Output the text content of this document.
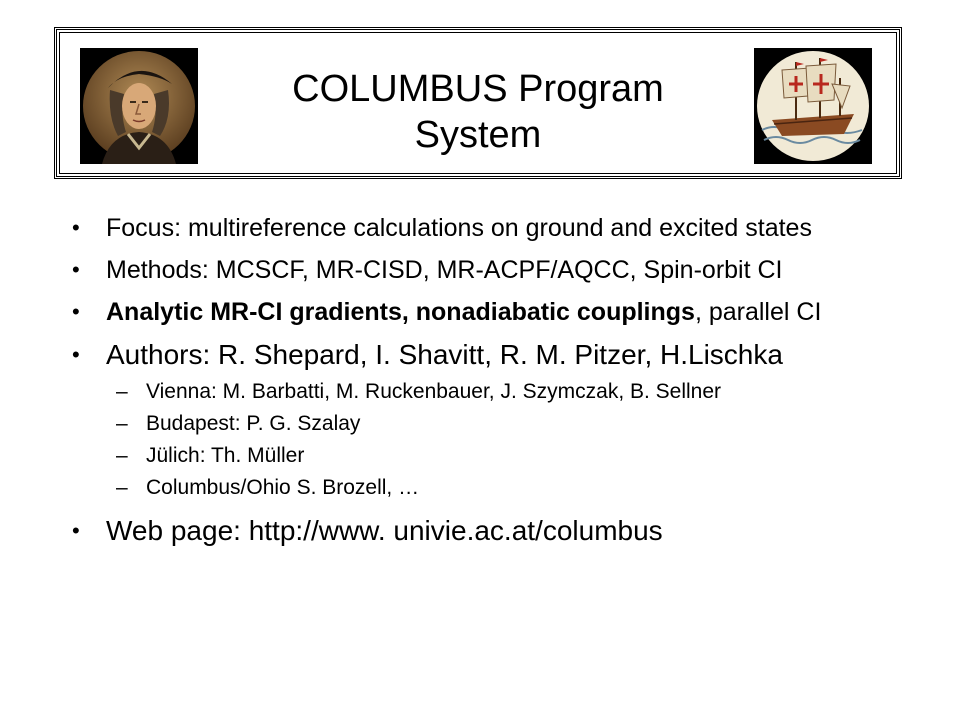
COLUMBUS Program
System
• Focus: multireference calculations on ground and excited states
• Methods: MCSCF, MR-CISD, MR-ACPF/AQCC, Spin-orbit CI
• Analytic MR-CI gradients, nonadiabatic couplings, parallel CI
• Authors: R. Shepard, I. Shavitt, R. M. Pitzer, H.Lischka
– Vienna: M. Barbatti, M. Ruckenbauer, J. Szymczak, B. Sellner
– Budapest: P. G. Szalay
– Jülich: Th. Müller
– Columbus/Ohio S. Brozell, …
• Web page: http://www. univie.ac.at/columbus
